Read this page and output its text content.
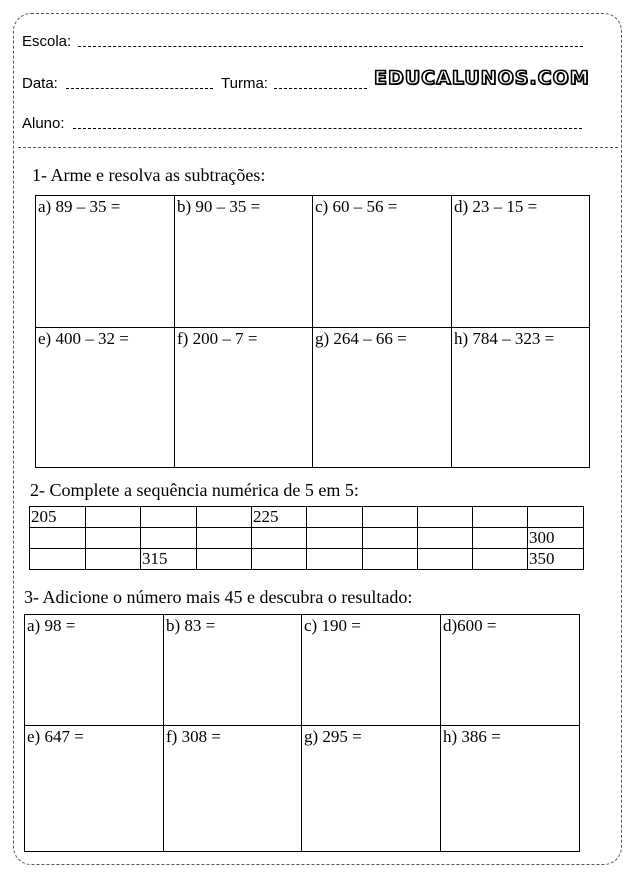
Escola:
Data:	Turma:	EDUCALUNOS.COM
Aluno:
1- Arme e resolva as subtrações:
a) 89 – 35 =	b) 90 – 35 =	c) 60 – 56 =	d) 23 – 15 =
e) 400 – 32 =	f) 200 – 7 =	g) 264 – 66 =	h) 784 – 323 =
2- Complete a sequência numérica de 5 em 5:
205				225					
									300
		315							350
3- Adicione o número mais 45 e descubra o resultado:
a) 98 =	b) 83 =	c) 190 =	d)600 =
e) 647 =	f) 308 =	g) 295 =	h) 386 =
